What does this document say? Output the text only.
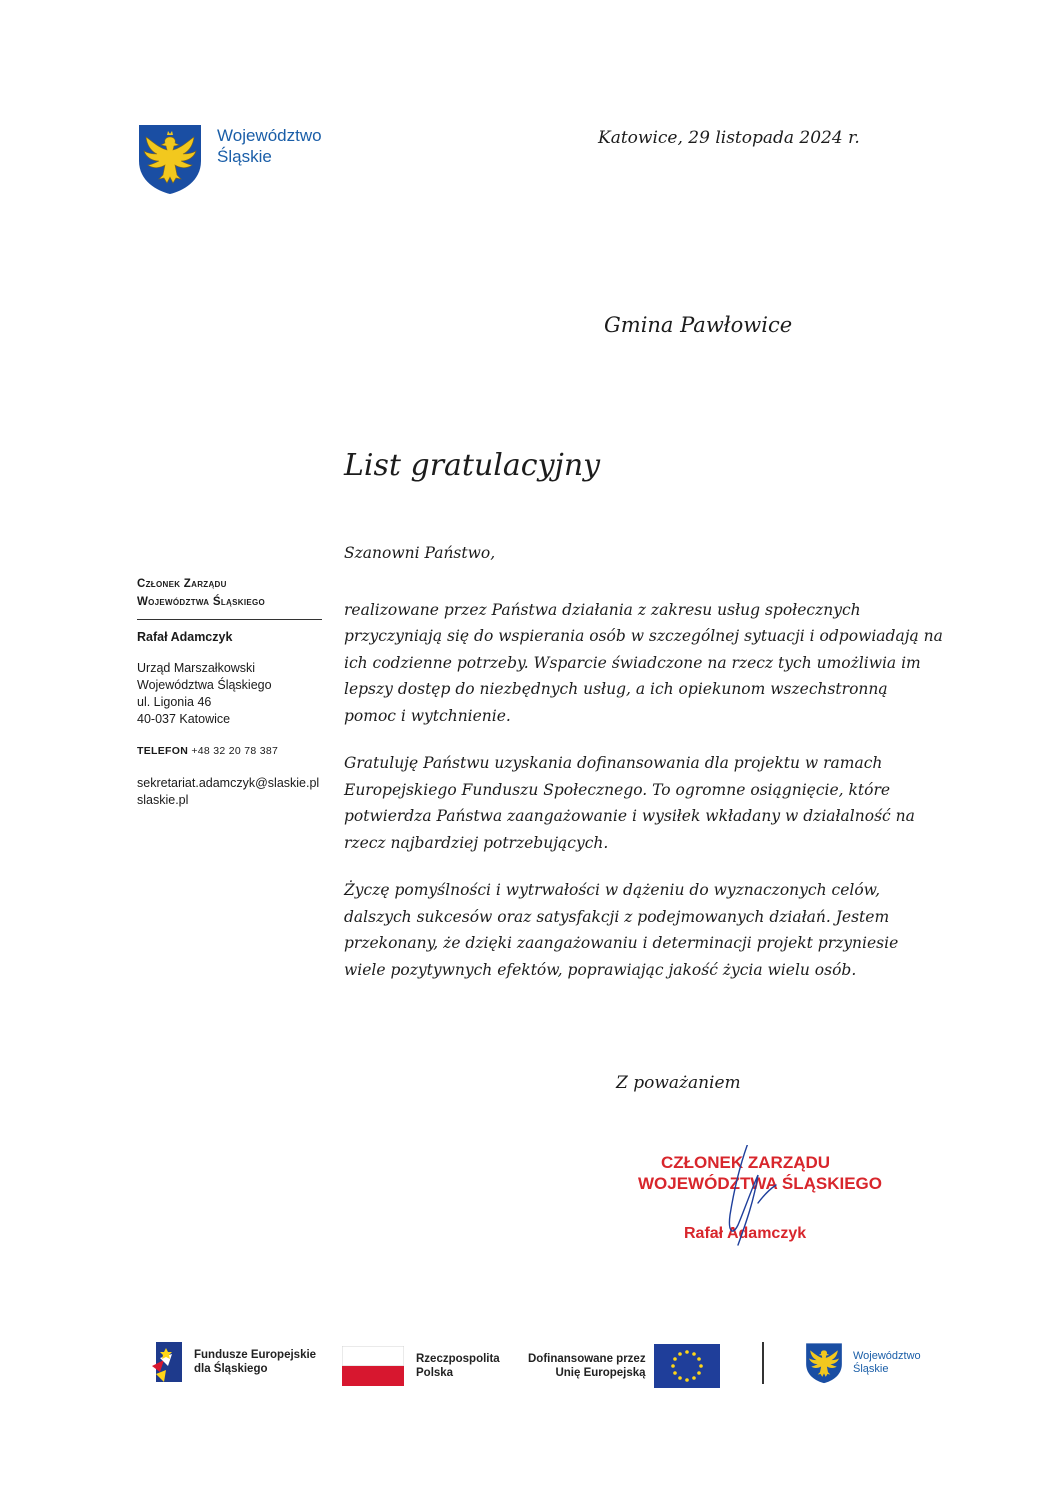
Województwo
Śląskie
Katowice, 29 listopada 2024 r.
Gmina Pawłowice
List gratulacyjny
Członek Zarządu
Województwa Śląskiego
Rafał Adamczyk
Urząd Marszałkowski
Województwa Śląskiego
ul. Ligonia 46
40-037 Katowice
TELEFON +48 32 20 78 387
sekretariat.adamczyk@slaskie.pl
slaskie.pl

Szanowni Państwo,

realizowane przez Państwa działania z zakresu usług społecznych przyczyniają się do wspierania osób w szczególnej sytuacji i odpowiadają na ich codzienne potrzeby. Wsparcie świadczone na rzecz tych umożliwia im lepszy dostęp do niezbędnych usług, a ich opiekunom wszechstronną pomoc i wytchnienie.

Gratuluję Państwu uzyskania dofinansowania dla projektu w ramach Europejskiego Funduszu Społecznego. To ogromne osiągnięcie, które potwierdza Państwa zaangażowanie i wysiłek wkładany w działalność na rzecz najbardziej potrzebujących.

Życzę pomyślności i wytrwałości w dążeniu do wyznaczonych celów, dalszych sukcesów oraz satysfakcji z podejmowanych działań. Jestem przekonany, że dzięki zaangażowaniu i determinacji projekt przyniesie wiele pozytywnych efektów, poprawiając jakość życia wielu osób.

Z poważaniem
CZŁONEK ZARZĄDU
WOJEWÓDZTWA ŚLĄSKIEGO
Rafał Adamczyk
Fundusze Europejskie
dla Śląskiego
Rzeczpospolita
Polska
Dofinansowane przez
Unię Europejską
Województwo
Śląskie
